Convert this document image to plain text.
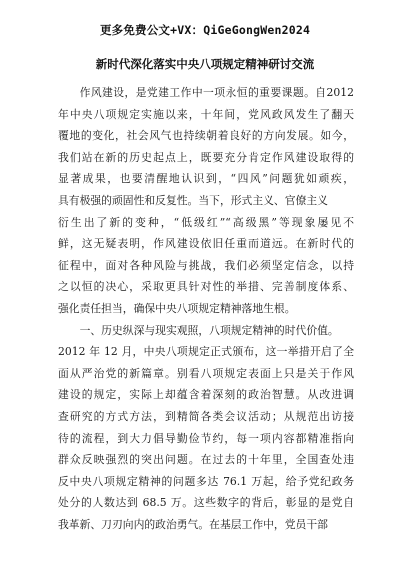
更多免费公文+VX：QiGeGongWen2024
新时代深化落实中央八项规定精神研讨交流
作风建设，是党建工作中一项永恒的重要课题。自2012
年中央八项规定实施以来，十年间，党风政风发生了翻天
覆地的变化，社会风气也持续朝着良好的方向发展。如今，
我们站在新的历史起点上，既要充分肯定作风建设取得的
显著成果，也要清醒地认识到，“四风”问题犹如顽疾，
具有极强的顽固性和反复性。当下，形式主义、官僚主义
衍生出了新的变种，“低级红”“高级黑”等现象屡见不
鲜，这无疑表明，作风建设依旧任重而道远。在新时代的
征程中，面对各种风险与挑战，我们必须坚定信念，以持
之以恒的决心，采取更具针对性的举措、完善制度体系、
强化责任担当，确保中央八项规定精神落地生根。
一、历史纵深与现实观照，八项规定精神的时代价值。
2012 年 12 月，中央八项规定正式颁布，这一举措开启了全
面从严治党的新篇章。别看八项规定表面上只是关于作风
建设的规定，实际上却蕴含着深刻的政治智慧。从改进调
查研究的方式方法，到精简各类会议活动；从规范出访接
待的流程，到大力倡导勤俭节约，每一项内容都精准指向
群众反映强烈的突出问题。在过去的十年里，全国查处违
反中央八项规定精神的问题多达 76.1 万起，给予党纪政务
处分的人数达到 68.5 万。这些数字的背后，彰显的是党自
我革新、刀刃向内的政治勇气。在基层工作中，党员干部
